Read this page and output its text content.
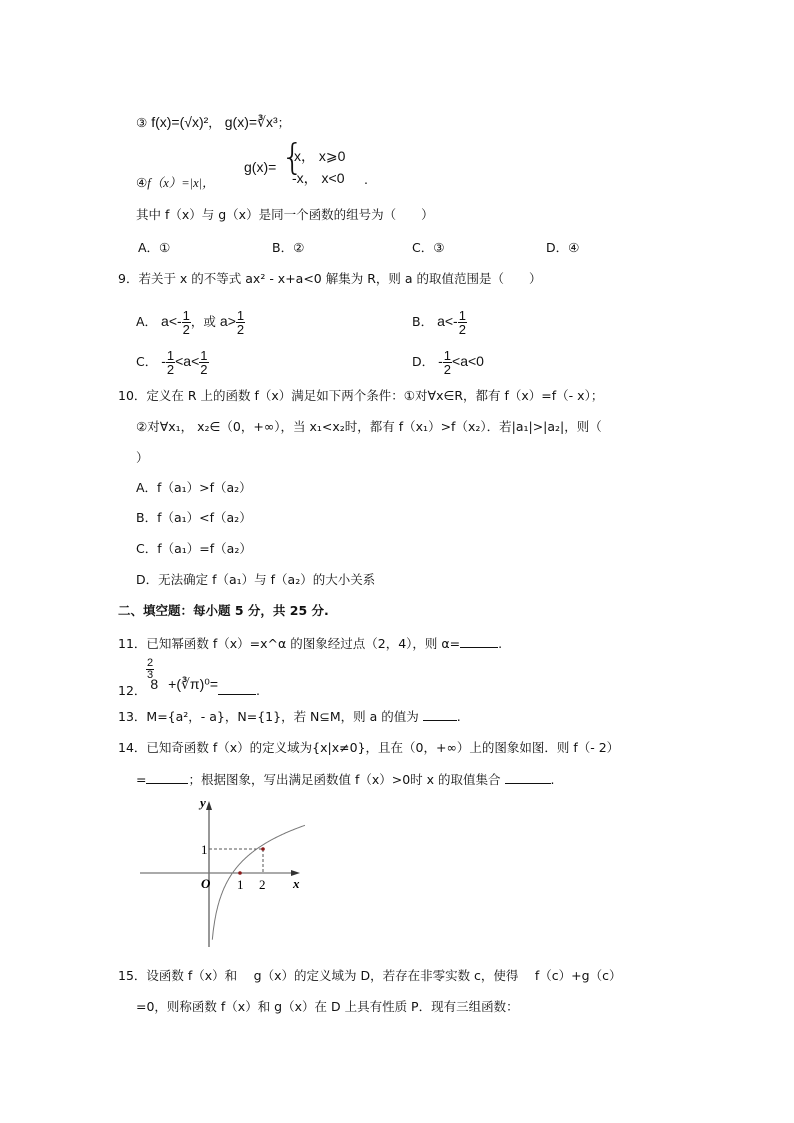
③ f(x)=(√x)²， g(x)=∛x³；
④f（x）=|x|，
g(x)= {
x， x⩾0
-x， x<0 .
其中 f（x）与 g（x）是同一个函数的组号为（　　）
A．①	B．②	C．③	D．④
9．若关于 x 的不等式 ax² - x+a<0 解集为 R，则 a 的取值范围是（　　）
A． $a<- \frac{1}{2}$ ，或 $a> \frac{1}{2}$	B． $a<- \frac{1}{2}$
C． - $\frac{1}{2} <a< \frac{1}{2}$	D． - $\frac{1}{2} <a<0$
10．定义在 R 上的函数 f（x）满足如下两个条件：①对∀x∈R，都有 f（x）=f（- x）；
②对∀x₁， x₂∈（0，+∞），当 x₁<x₂时，都有 f（x₁）>f（x₂）．若|a₁|>|a₂|，则（
）
A．f（a₁）>f（a₂）
B．f（a₁）<f（a₂）
C．f（a₁）=f（a₂）
D．无法确定 f（a₁）与 f（a₂）的大小关系
二、填空题：每小题 5 分，共 25 分.
11．已知幂函数 f（x）=x^α 的图象经过点（2，4），则 α=	.
12． 8
$\frac{2}{3}$
+(∛π)⁰=	.
13．M={a²，- a}，N={1}，若 N⊆M，则 a 的值为	.
14．已知奇函数 f（x）的定义域为{x|x≠0}，且在（0，+∞）上的图象如图．则 f（- 2）
=	；根据图象，写出满足函数值 f（x）>0时 x 的取值集合	.
y
x
O 1 2
1
15．设函数 f（x）和　 g（x）的定义域为 D，若存在非零实数 c，使得　 f（c）+g（c）
=0，则称函数 f（x）和 g（x）在 D 上具有性质 P．现有三组函数：
